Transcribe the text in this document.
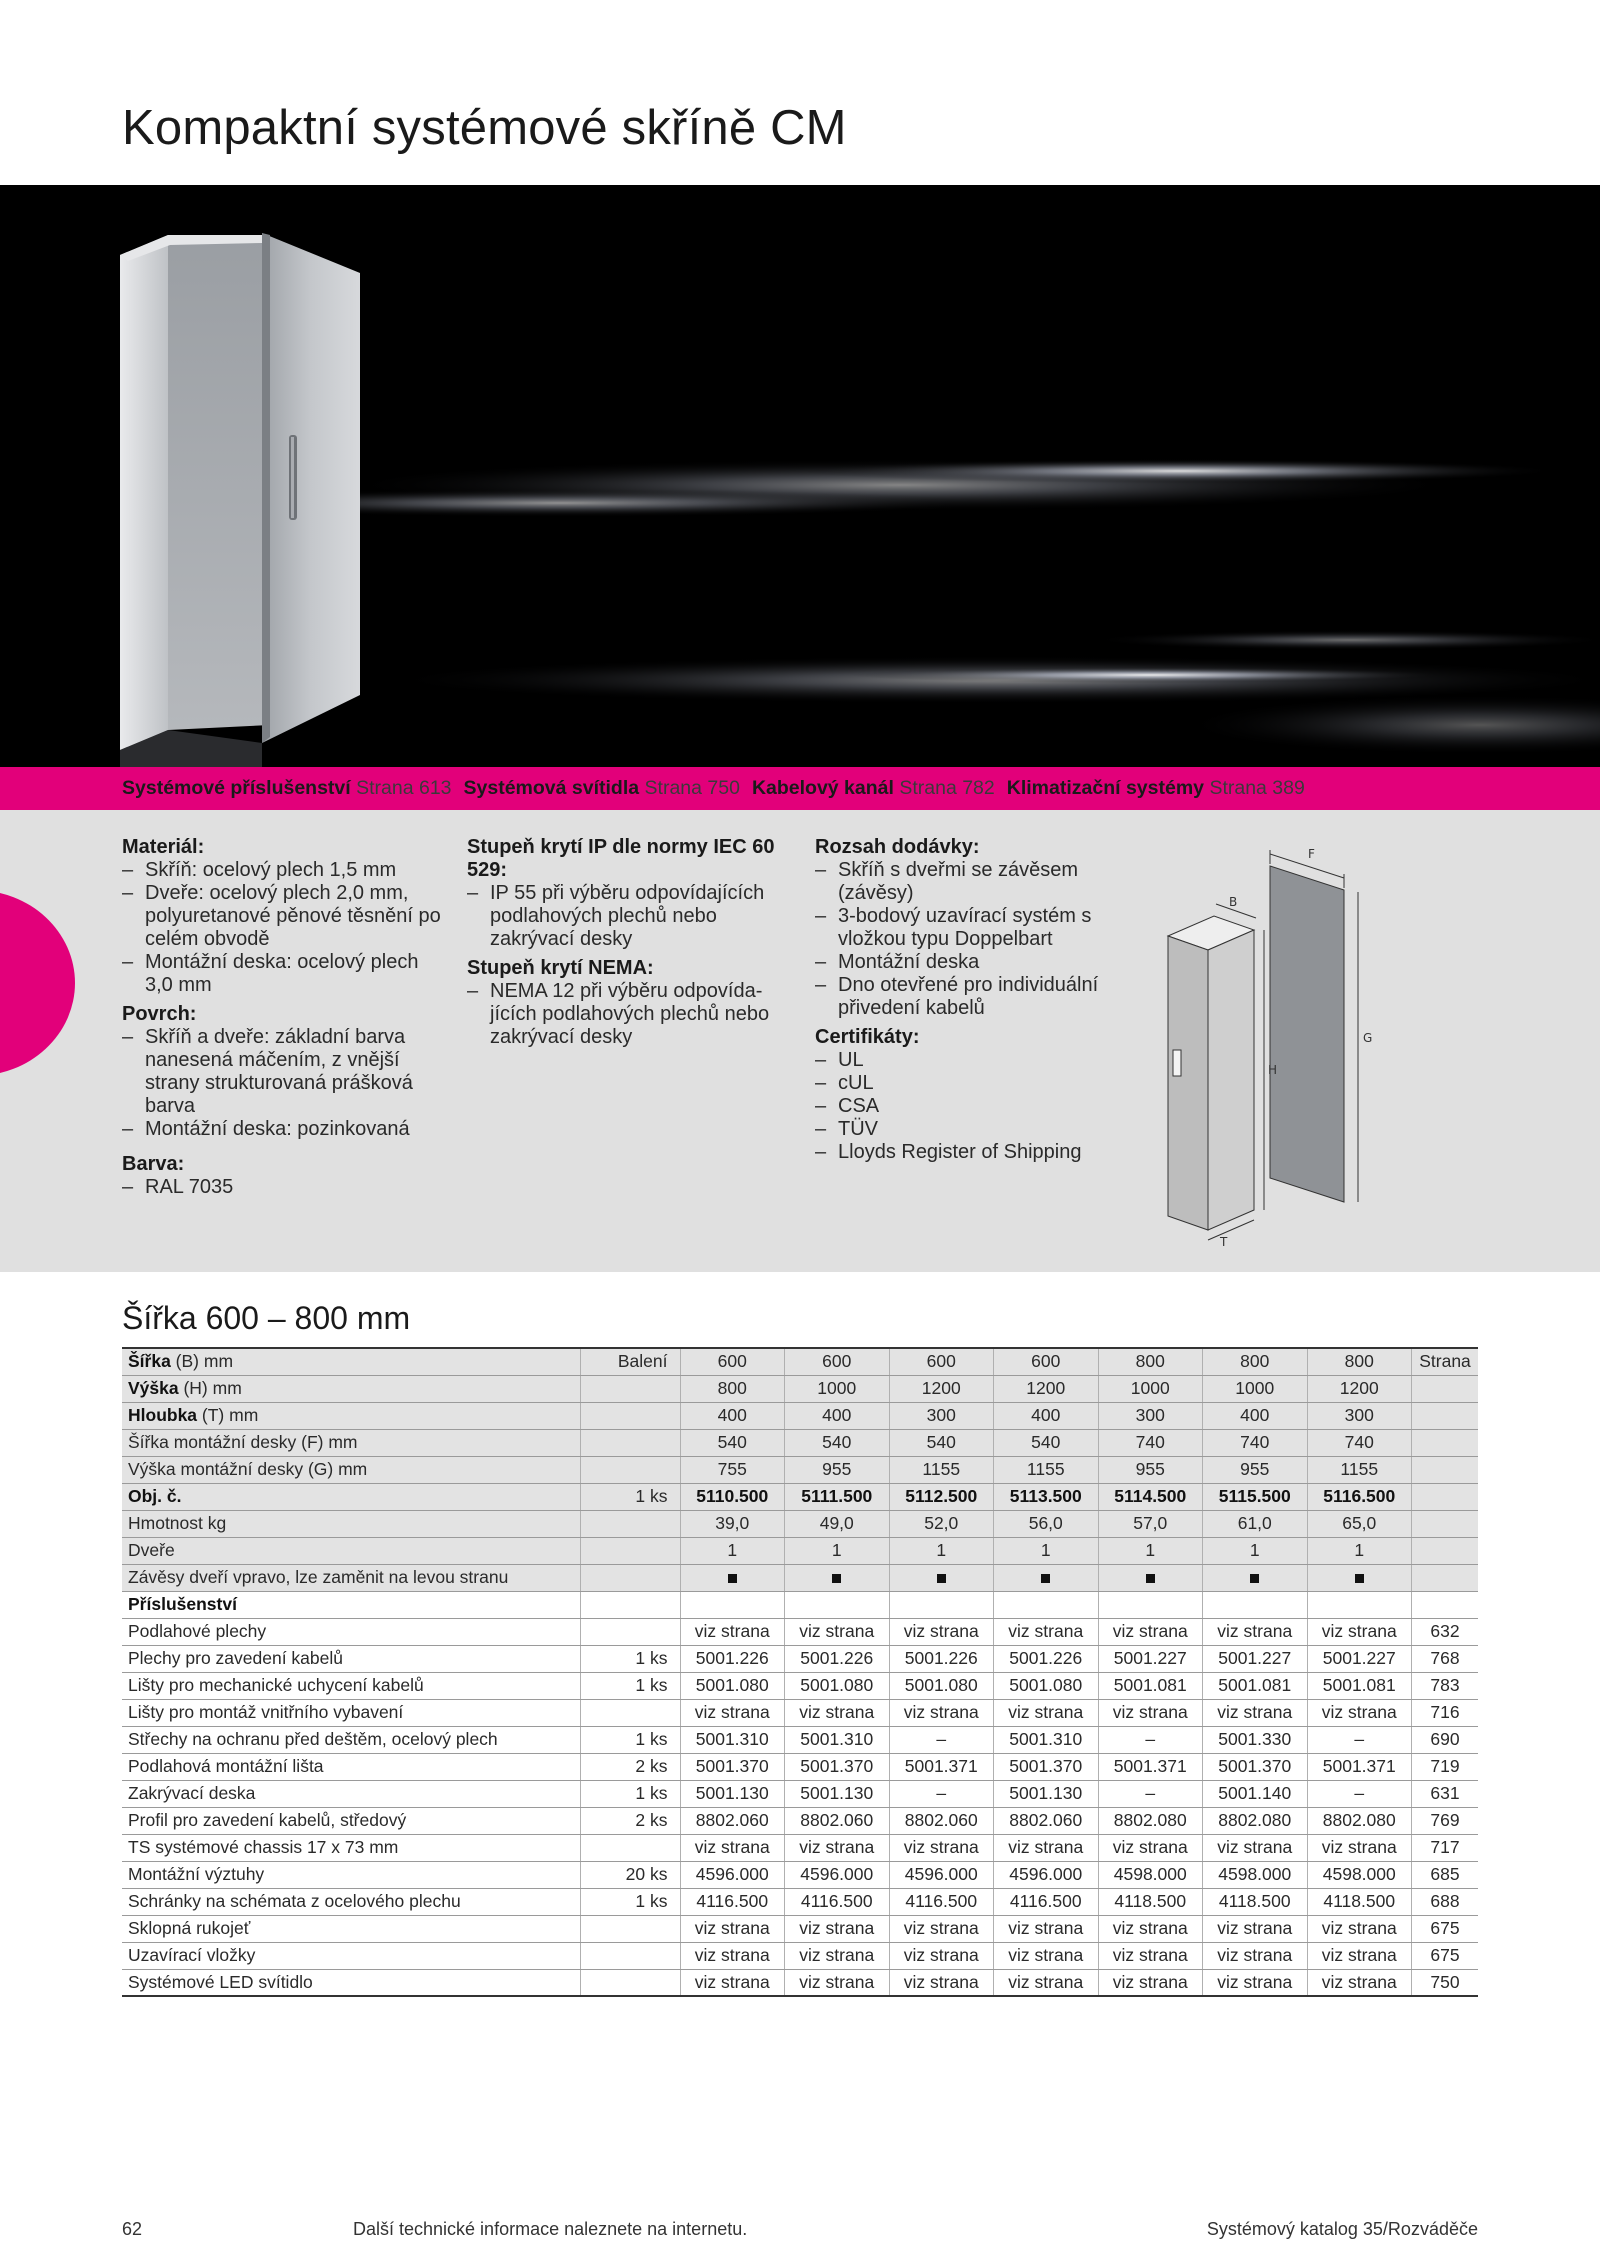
Kompaktní systémové skříně CM
Systémové příslušenství Strana 613 Systémová svítidla Strana 750 Kabelový kanál Strana 782 Klimatizační systémy Strana 389
Materiál:
– Skříň: ocelový plech 1,5 mm
– Dveře: ocelový plech 2,0 mm, polyuretanové pěnové těsnění po celém obvodě
– Montážní deska: ocelový plech 3,0 mm
Povrch:
– Skříň a dveře: základní barva nanesená máčením, z vnější strany strukturovaná prášková barva
– Montážní deska: pozinkovaná
Barva:
– RAL 7035
Stupeň krytí IP dle normy IEC 60 529:
– IP 55 při výběru odpovídajících podlahových plechů nebo zakrývací desky
Stupeň krytí NEMA:
– NEMA 12 při výběru odpovída-jících podlahových plechů nebo zakrývací desky
Rozsah dodávky:
– Skříň s dveřmi se závěsem (závěsy)
– 3-bodový uzavírací systém s vložkou typu Doppelbart
– Montážní deska
– Dno otevřené pro individuální přivedení kabelů
Certifikáty:
– UL
– cUL
– CSA
– TÜV
– Lloyds Register of Shipping
F
B
G
H
T
Šířka 600 – 800 mm
Šířka (B) mm	Balení	600	600	600	600	800	800	800	Strana
Výška (H) mm		800	1000	1200	1200	1000	1000	1200	
Hloubka (T) mm		400	400	300	400	300	400	300	
Šířka montážní desky (F) mm		540	540	540	540	740	740	740	
Výška montážní desky (G) mm		755	955	1155	1155	955	955	1155	
Obj. č.	1 ks	5110.500	5111.500	5112.500	5113.500	5114.500	5115.500	5116.500	
Hmotnost kg		39,0	49,0	52,0	56,0	57,0	61,0	65,0	
Dveře		1	1	1	1	1	1	1	
Závěsy dveří vpravo, lze zaměnit na levou stranu									
Příslušenství									
Podlahové plechy		viz strana	viz strana	viz strana	viz strana	viz strana	viz strana	viz strana	632
Plechy pro zavedení kabelů	1 ks	5001.226	5001.226	5001.226	5001.226	5001.227	5001.227	5001.227	768
Lišty pro mechanické uchycení kabelů	1 ks	5001.080	5001.080	5001.080	5001.080	5001.081	5001.081	5001.081	783
Lišty pro montáž vnitřního vybavení		viz strana	viz strana	viz strana	viz strana	viz strana	viz strana	viz strana	716
Střechy na ochranu před deštěm, ocelový plech	1 ks	5001.310	5001.310	–	5001.310	–	5001.330	–	690
Podlahová montážní lišta	2 ks	5001.370	5001.370	5001.371	5001.370	5001.371	5001.370	5001.371	719
Zakrývací deska	1 ks	5001.130	5001.130	–	5001.130	–	5001.140	–	631
Profil pro zavedení kabelů, středový	2 ks	8802.060	8802.060	8802.060	8802.060	8802.080	8802.080	8802.080	769
TS systémové chassis 17 x 73 mm		viz strana	viz strana	viz strana	viz strana	viz strana	viz strana	viz strana	717
Montážní výztuhy	20 ks	4596.000	4596.000	4596.000	4596.000	4598.000	4598.000	4598.000	685
Schránky na schémata z ocelového plechu	1 ks	4116.500	4116.500	4116.500	4116.500	4118.500	4118.500	4118.500	688
Sklopná rukojeť		viz strana	viz strana	viz strana	viz strana	viz strana	viz strana	viz strana	675
Uzavírací vložky		viz strana	viz strana	viz strana	viz strana	viz strana	viz strana	viz strana	675
Systémové LED svítidlo		viz strana	viz strana	viz strana	viz strana	viz strana	viz strana	viz strana	750
62	Další technické informace naleznete na internetu.	Systémový katalog 35/Rozváděče
